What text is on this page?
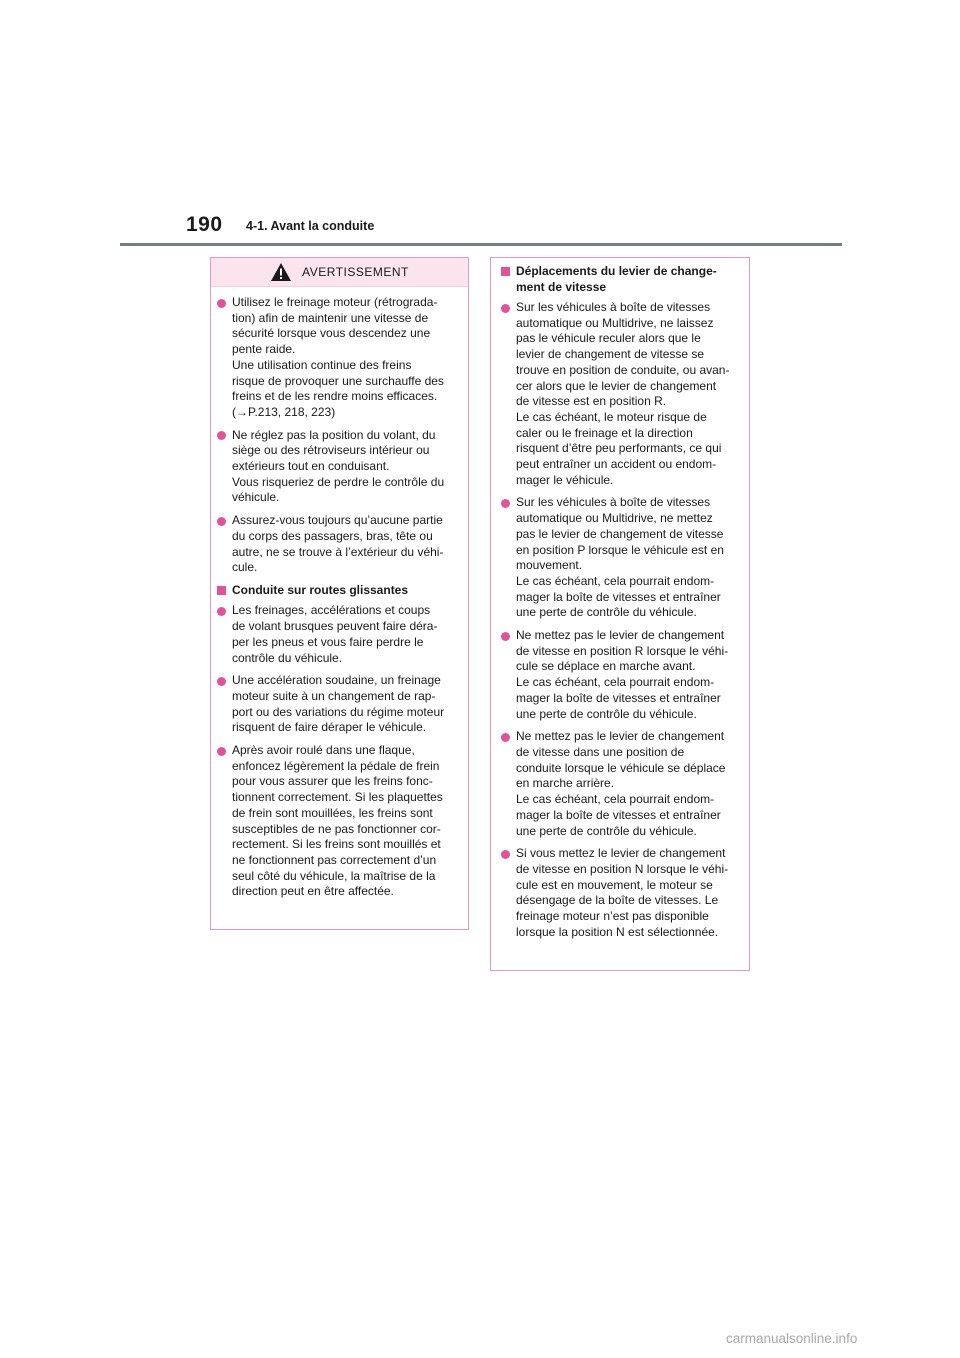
190 4-1. Avant la conduite
AVERTISSEMENT
Utilisez le freinage moteur (rétrograda-
tion) afin de maintenir une vitesse de
sécurité lorsque vous descendez une
pente raide.
Une utilisation continue des freins
risque de provoquer une surchauffe des
freins et de les rendre moins efficaces.
(→P.213, 218, 223)
Ne réglez pas la position du volant, du
siège ou des rétroviseurs intérieur ou
extérieurs tout en conduisant.
Vous risqueriez de perdre le contrôle du
véhicule.
Assurez-vous toujours qu’aucune partie
du corps des passagers, bras, tête ou
autre, ne se trouve à l’extérieur du véhi-
cule.
Conduite sur routes glissantes
Les freinages, accélérations et coups
de volant brusques peuvent faire déra-
per les pneus et vous faire perdre le
contrôle du véhicule.
Une accélération soudaine, un freinage
moteur suite à un changement de rap-
port ou des variations du régime moteur
risquent de faire déraper le véhicule.
Après avoir roulé dans une flaque,
enfoncez légèrement la pédale de frein
pour vous assurer que les freins fonc-
tionnent correctement. Si les plaquettes
de frein sont mouillées, les freins sont
susceptibles de ne pas fonctionner cor-
rectement. Si les freins sont mouillés et
ne fonctionnent pas correctement d’un
seul côté du véhicule, la maîtrise de la
direction peut en être affectée.
Déplacements du levier de change-
ment de vitesse
Sur les véhicules à boîte de vitesses
automatique ou Multidrive, ne laissez
pas le véhicule reculer alors que le
levier de changement de vitesse se
trouve en position de conduite, ou avan-
cer alors que le levier de changement
de vitesse est en position R.
Le cas échéant, le moteur risque de
caler ou le freinage et la direction
risquent d’être peu performants, ce qui
peut entraîner un accident ou endom-
mager le véhicule.
Sur les véhicules à boîte de vitesses
automatique ou Multidrive, ne mettez
pas le levier de changement de vitesse
en position P lorsque le véhicule est en
mouvement.
Le cas échéant, cela pourrait endom-
mager la boîte de vitesses et entraîner
une perte de contrôle du véhicule.
Ne mettez pas le levier de changement
de vitesse en position R lorsque le véhi-
cule se déplace en marche avant.
Le cas échéant, cela pourrait endom-
mager la boîte de vitesses et entraîner
une perte de contrôle du véhicule.
Ne mettez pas le levier de changement
de vitesse dans une position de
conduite lorsque le véhicule se déplace
en marche arrière.
Le cas échéant, cela pourrait endom-
mager la boîte de vitesses et entraîner
une perte de contrôle du véhicule.
Si vous mettez le levier de changement
de vitesse en position N lorsque le véhi-
cule est en mouvement, le moteur se
désengage de la boîte de vitesses. Le
freinage moteur n’est pas disponible
lorsque la position N est sélectionnée.
carmanualsonline.info
